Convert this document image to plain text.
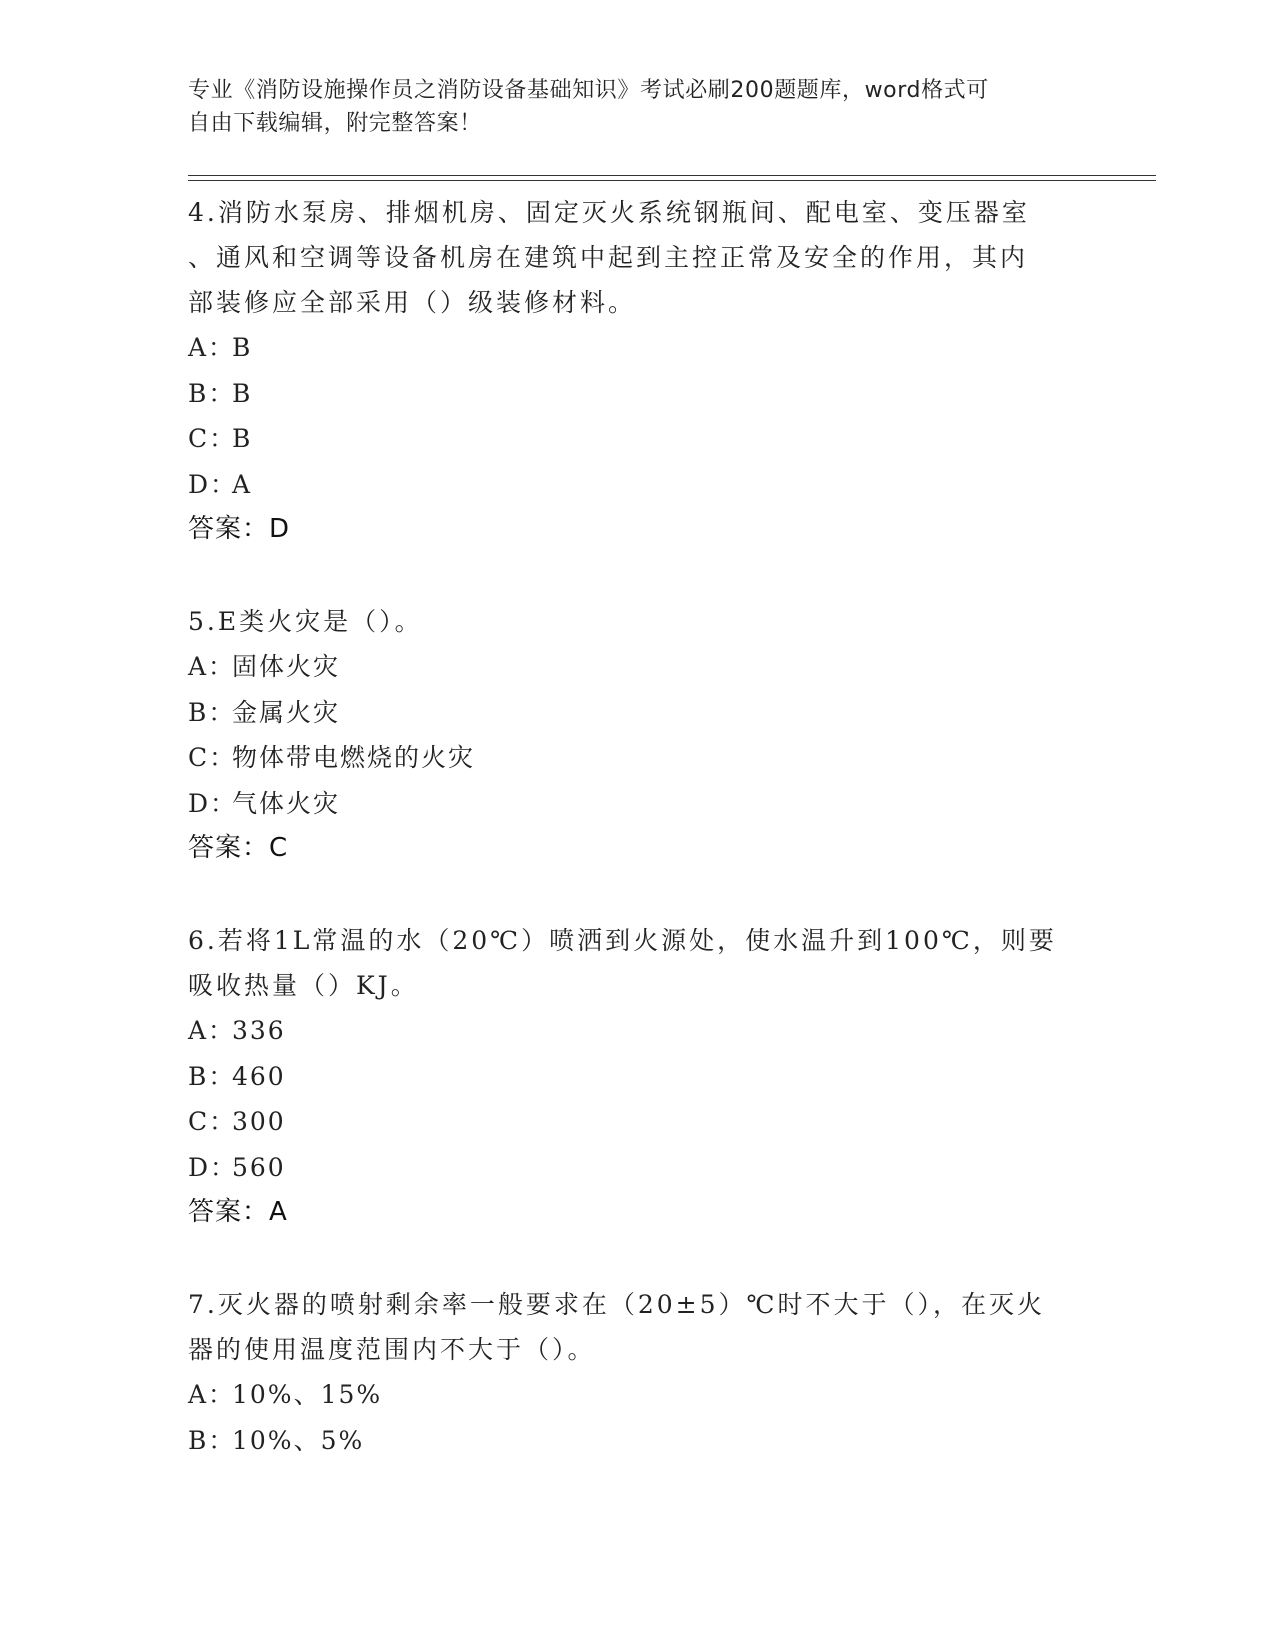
专业《消防设施操作员之消防设备基础知识》考试必刷200题题库，word格式可
自由下载编辑，附完整答案！

4.消防水泵房、排烟机房、固定灭火系统钢瓶间、配电室、变压器室
、通风和空调等设备机房在建筑中起到主控正常及安全的作用，其内
部装修应全部采用（）级装修材料。

A：B

B：B

C：B

D：A

答案：D

5.E类火灾是（）。

A：固体火灾

B：金属火灾

C：物体带电燃烧的火灾

D：气体火灾

答案：C

6.若将1L常温的水（20℃）喷洒到火源处，使水温升到100℃，则要
吸收热量（）KJ。

A：336

B：460

C：300

D：560

答案：A

7.灭火器的喷射剩余率一般要求在（20±5）℃时不大于（），在灭火
器的使用温度范围内不大于（）。

A：10%、15%

B：10%、5%
